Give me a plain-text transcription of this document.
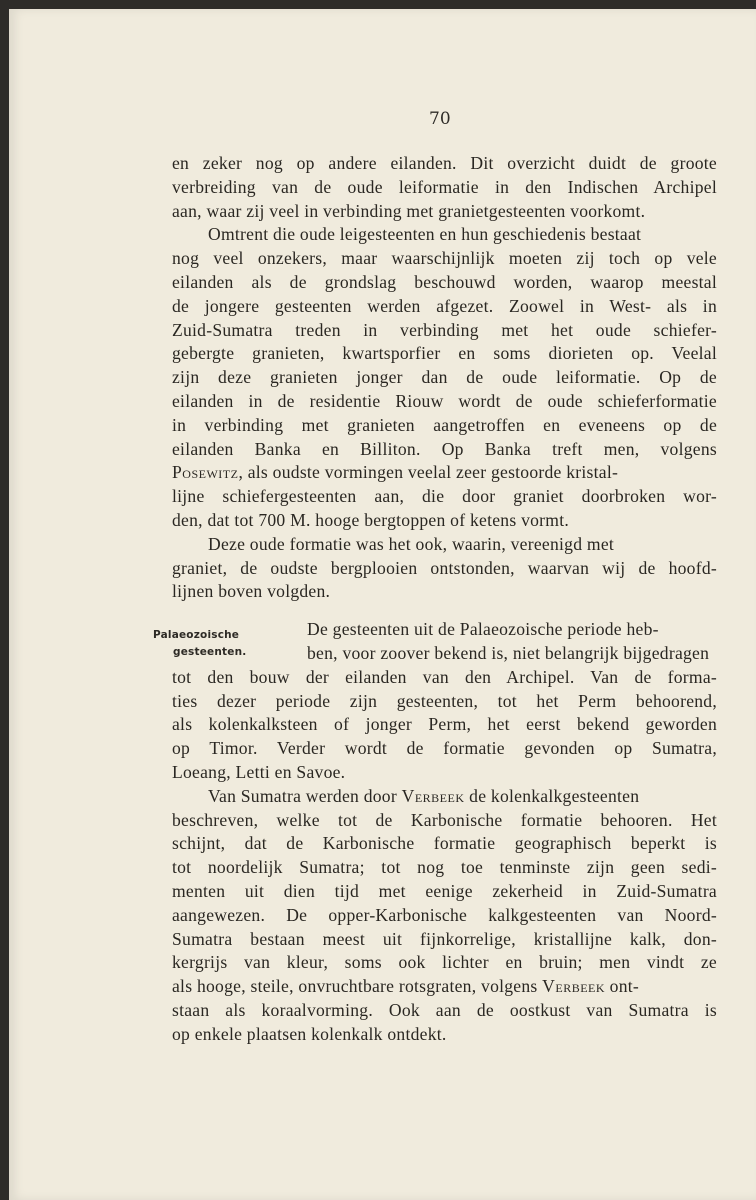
70
Palaeozoische
gesteenten.
en zeker nog op andere eilanden. Dit overzicht duidt de groote
verbreiding van de oude leiformatie in den Indischen Archipel
aan, waar zij veel in verbinding met granietgesteenten voorkomt.
Omtrent die oude leigesteenten en hun geschiedenis bestaat
nog veel onzekers, maar waarschijnlijk moeten zij toch op vele
eilanden als de grondslag beschouwd worden, waarop meestal
de jongere gesteenten werden afgezet. Zoowel in West- als in
Zuid-Sumatra treden in verbinding met het oude schiefer-
gebergte granieten, kwartsporfier en soms diorieten op. Veelal
zijn deze granieten jonger dan de oude leiformatie. Op de
eilanden in de residentie Riouw wordt de oude schieferformatie
in verbinding met granieten aangetroffen en eveneens op de
eilanden Banka en Billiton. Op Banka treft men, volgens
Posewitz, als oudste vormingen veelal zeer gestoorde kristal-
lijne schiefergesteenten aan, die door graniet doorbroken wor-
den, dat tot 700 M. hooge bergtoppen of ketens vormt.
Deze oude formatie was het ook, waarin, vereenigd met
graniet, de oudste bergplooien ontstonden, waarvan wij de hoofd-
lijnen boven volgden.
De gesteenten uit de Palaeozoische periode heb-
ben, voor zoover bekend is, niet belangrijk bijgedragen
tot den bouw der eilanden van den Archipel. Van de forma-
ties dezer periode zijn gesteenten, tot het Perm behoorend,
als kolenkalksteen of jonger Perm, het eerst bekend geworden
op Timor. Verder wordt de formatie gevonden op Sumatra,
Loeang, Letti en Savoe.
Van Sumatra werden door Verbeek de kolenkalkgesteenten
beschreven, welke tot de Karbonische formatie behooren. Het
schijnt, dat de Karbonische formatie geographisch beperkt is
tot noordelijk Sumatra; tot nog toe tenminste zijn geen sedi-
menten uit dien tijd met eenige zekerheid in Zuid-Sumatra
aangewezen. De opper-Karbonische kalkgesteenten van Noord-
Sumatra bestaan meest uit fijnkorrelige, kristallijne kalk, don-
kergrijs van kleur, soms ook lichter en bruin; men vindt ze
als hooge, steile, onvruchtbare rotsgraten, volgens Verbeek ont-
staan als koraalvorming. Ook aan de oostkust van Sumatra is
op enkele plaatsen kolenkalk ontdekt.
